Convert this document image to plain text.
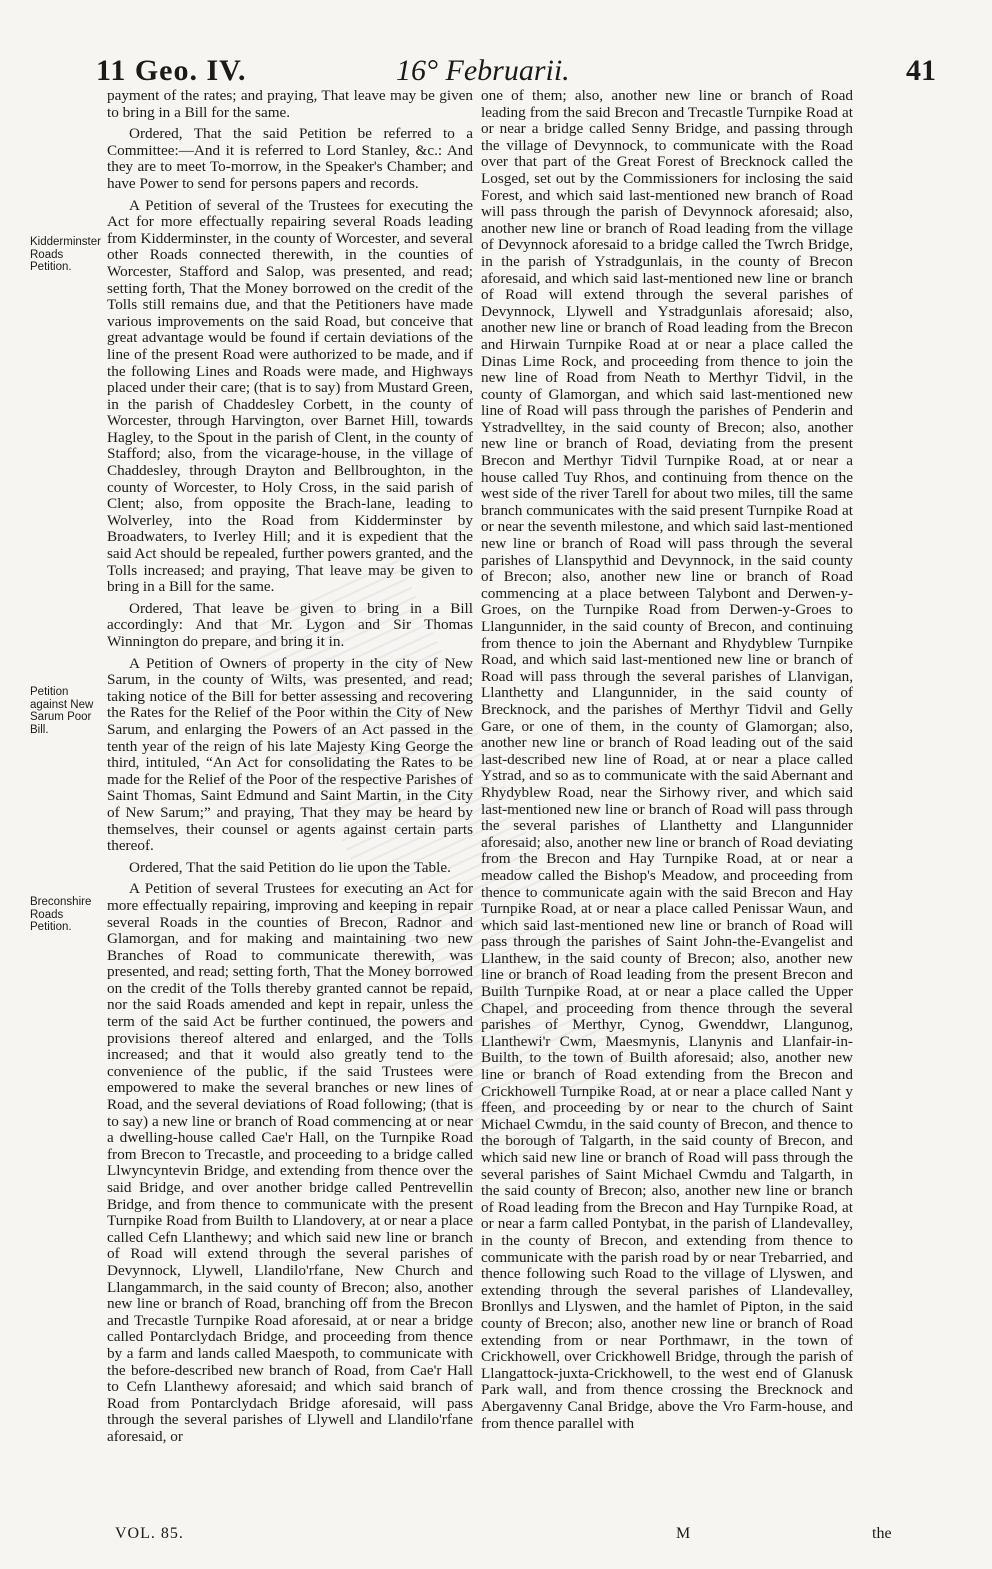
11 Geo. IV.	16° Februarii.	41
Kidderminster Roads Petition.
Petition against New Sarum Poor Bill.
Breconshire Roads Petition.

payment of the rates; and praying, That leave may be given to bring in a Bill for the same.

Ordered, That the said Petition be referred to a Committee:—And it is referred to Lord Stanley, &c.: And they are to meet To-morrow, in the Speaker's Chamber; and have Power to send for persons papers and records.

A Petition of several of the Trustees for executing the Act for more effectually repairing several Roads leading from Kidderminster, in the county of Worcester, and several other Roads connected therewith, in the counties of Worcester, Stafford and Salop, was presented, and read; setting forth, That the Money borrowed on the credit of the Tolls still remains due, and that the Petitioners have made various improvements on the said Road, but conceive that great advantage would be found if certain deviations of the line of the present Road were authorized to be made, and if the following Lines and Roads were made, and Highways placed under their care; (that is to say) from Mustard Green, in the parish of Chaddesley Corbett, in the county of Worcester, through Harvington, over Barnet Hill, towards Hagley, to the Spout in the parish of Clent, in the county of Stafford; also, from the vicarage-house, in the village of Chaddesley, through Drayton and Bellbroughton, in the county of Worcester, to Holy Cross, in the said parish of Clent; also, from opposite the Brach-lane, leading to Wolverley, into the Road from Kidderminster by Broadwaters, to Iverley Hill; and it is expedient that the said Act should be repealed, further powers granted, and the Tolls increased; and praying, That leave may be given to bring in a Bill for the same.

Ordered, That leave be given to bring in a Bill accordingly: And that Mr. Lygon and Sir Thomas Winnington do prepare, and bring it in.

A Petition of Owners of property in the city of New Sarum, in the county of Wilts, was presented, and read; taking notice of the Bill for better assessing and recovering the Rates for the Relief of the Poor within the City of New Sarum, and enlarging the Powers of an Act passed in the tenth year of the reign of his late Majesty King George the third, intituled, “An Act for consolidating the Rates to be made for the Relief of the Poor of the respective Parishes of Saint Thomas, Saint Edmund and Saint Martin, in the City of New Sarum;” and praying, That they may be heard by themselves, their counsel or agents against certain parts thereof.

Ordered, That the said Petition do lie upon the Table.

A Petition of several Trustees for executing an Act for more effectually repairing, improving and keeping in repair several Roads in the counties of Brecon, Radnor and Glamorgan, and for making and maintaining two new Branches of Road to communicate therewith, was presented, and read; setting forth, That the Money borrowed on the credit of the Tolls thereby granted cannot be repaid, nor the said Roads amended and kept in repair, unless the term of the said Act be further continued, the powers and provisions thereof altered and enlarged, and the Tolls increased; and that it would also greatly tend to the convenience of the public, if the said Trustees were empowered to make the several branches or new lines of Road, and the several deviations of Road following; (that is to say) a new line or branch of Road commencing at or near a dwelling-house called Cae'r Hall, on the Turnpike Road from Brecon to Trecastle, and proceeding to a bridge called Llwyncyntevin Bridge, and extending from thence over the said Bridge, and over another bridge called Pentrevellin Bridge, and from thence to communicate with the present Turnpike Road from Builth to Llandovery, at or near a place called Cefn Llanthewy; and which said new line or branch of Road will extend through the several parishes of Devynnock, Llywell, Llandilo'rfane, New Church and Llangammarch, in the said county of Brecon; also, another new line or branch of Road, branching off from the Brecon and Trecastle Turnpike Road aforesaid, at or near a bridge called Pontarclydach Bridge, and proceeding from thence by a farm and lands called Maespoth, to communicate with the before-described new branch of Road, from Cae'r Hall to Cefn Llanthewy aforesaid; and which said branch of Road from Pontarclydach Bridge aforesaid, will pass through the several parishes of Llywell and Llandilo'rfane aforesaid, or

one of them; also, another new line or branch of Road leading from the said Brecon and Trecastle Turnpike Road at or near a bridge called Senny Bridge, and passing through the village of Devynnock, to communicate with the Road over that part of the Great Forest of Brecknock called the Losged, set out by the Commissioners for inclosing the said Forest, and which said last-mentioned new branch of Road will pass through the parish of Devynnock aforesaid; also, another new line or branch of Road leading from the village of Devynnock aforesaid to a bridge called the Twrch Bridge, in the parish of Ystradgunlais, in the county of Brecon aforesaid, and which said last-mentioned new line or branch of Road will extend through the several parishes of Devynnock, Llywell and Ystradgunlais aforesaid; also, another new line or branch of Road leading from the Brecon and Hirwain Turnpike Road at or near a place called the Dinas Lime Rock, and proceeding from thence to join the new line of Road from Neath to Merthyr Tidvil, in the county of Glamorgan, and which said last-mentioned new line of Road will pass through the parishes of Penderin and Ystradvelltey, in the said county of Brecon; also, another new line or branch of Road, deviating from the present Brecon and Merthyr Tidvil Turnpike Road, at or near a house called Tuy Rhos, and continuing from thence on the west side of the river Tarell for about two miles, till the same branch communicates with the said present Turnpike Road at or near the seventh milestone, and which said last-mentioned new line or branch of Road will pass through the several parishes of Llanspythid and Devynnock, in the said county of Brecon; also, another new line or branch of Road commencing at a place between Talybont and Derwen-y-Groes, on the Turnpike Road from Derwen-y-Groes to Llangunnider, in the said county of Brecon, and continuing from thence to join the Abernant and Rhydyblew Turnpike Road, and which said last-mentioned new line or branch of Road will pass through the several parishes of Llanvigan, Llanthetty and Llangunnider, in the said county of Brecknock, and the parishes of Merthyr Tidvil and Gelly Gare, or one of them, in the county of Glamorgan; also, another new line or branch of Road leading out of the said last-described new line of Road, at or near a place called Ystrad, and so as to communicate with the said Abernant and Rhydyblew Road, near the Sirhowy river, and which said last-mentioned new line or branch of Road will pass through the several parishes of Llanthetty and Llangunnider aforesaid; also, another new line or branch of Road deviating from the Brecon and Hay Turnpike Road, at or near a meadow called the Bishop's Meadow, and proceeding from thence to communicate again with the said Brecon and Hay Turnpike Road, at or near a place called Penissar Waun, and which said last-mentioned new line or branch of Road will pass through the parishes of Saint John-the-Evangelist and Llanthew, in the said county of Brecon; also, another new line or branch of Road leading from the present Brecon and Builth Turnpike Road, at or near a place called the Upper Chapel, and proceeding from thence through the several parishes of Merthyr, Cynog, Gwenddwr, Llangunog, Llanthewi'r Cwm, Maesmynis, Llanynis and Llanfair-in-Builth, to the town of Builth aforesaid; also, another new line or branch of Road extending from the Brecon and Crickhowell Turnpike Road, at or near a place called Nant y ffeen, and proceeding by or near to the church of Saint Michael Cwmdu, in the said county of Brecon, and thence to the borough of Talgarth, in the said county of Brecon, and which said new line or branch of Road will pass through the several parishes of Saint Michael Cwmdu and Talgarth, in the said county of Brecon; also, another new line or branch of Road leading from the Brecon and Hay Turnpike Road, at or near a farm called Pontybat, in the parish of Llandevalley, in the county of Brecon, and extending from thence to communicate with the parish road by or near Trebarried, and thence following such Road to the village of Llyswen, and extending through the several parishes of Llandevalley, Bronllys and Llyswen, and the hamlet of Pipton, in the said county of Brecon; also, another new line or branch of Road extending from or near Porthmawr, in the town of Crickhowell, over Crickhowell Bridge, through the parish of Llangattock-juxta-Crickhowell, to the west end of Glanusk Park wall, and from thence crossing the Brecknock and Abergavenny Canal Bridge, above the Vro Farm-house, and from thence parallel with

VOL. 85.	M	the
